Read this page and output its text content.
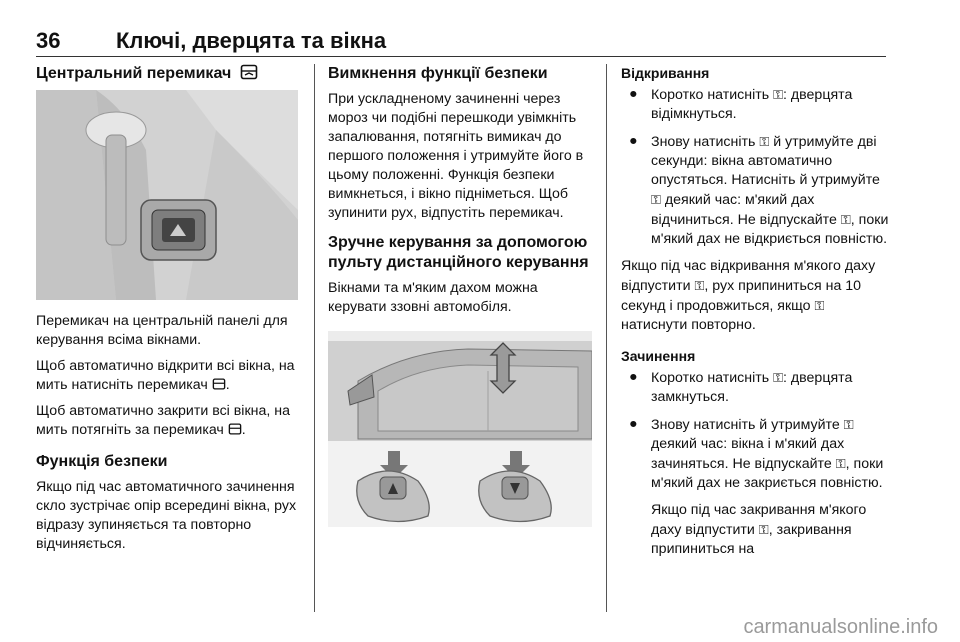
36	Ключі, дверцята та вікна
Центральний перемикач

Перемикач на центральній панелі для керування всіма вікнами.

Щоб автоматично відкрити всі вікна, на мить натисніть перемикач .

Щоб автоматично закрити всі вікна, на мить потягніть за перемикач .

Функція безпеки

Якщо під час автоматичного зачинення скло зустрічає опір всередині вікна, рух відразу зупиняється та повторно відчиняється.

Вимкнення функції безпеки

При ускладненому зачиненні через мороз чи подібні перешкоди увімкніть запалювання, потягніть вимикач до першого положення і утримуйте його в цьому положенні. Функція безпеки вимкнеться, і вікно підніметься. Щоб зупинити рух, відпустіть перемикач.

Зручне керування за допомогою пульту дистанційного керування

Вікнами та м'яким дахом можна керувати ззовні автомобіля.

Відкривання
● Коротко натисніть ⚿: дверцята відімкнуться.
● Знову натисніть ⚿ й утримуйте дві секунди: вікна автоматично опустяться. Натисніть й утримуйте ⚿ деякий час: м'який дах відчиниться. Не відпускайте ⚿, поки м'який дах не відкриється повністю.

Якщо під час відкривання м'якого даху відпустити ⚿, рух припиниться на 10 секунд і продовжиться, якщо ⚿ натиснути повторно.

Зачинення
● Коротко натисніть ⚿: дверцята замкнуться.
● Знову натисніть й утримуйте ⚿ деякий час: вікна і м'який дах зачиняться. Не відпускайте ⚿, поки м'який дах не закриється повністю.

Якщо під час закривання м'якого даху відпустити ⚿, закривання припиниться на

carmanualsonline.info
